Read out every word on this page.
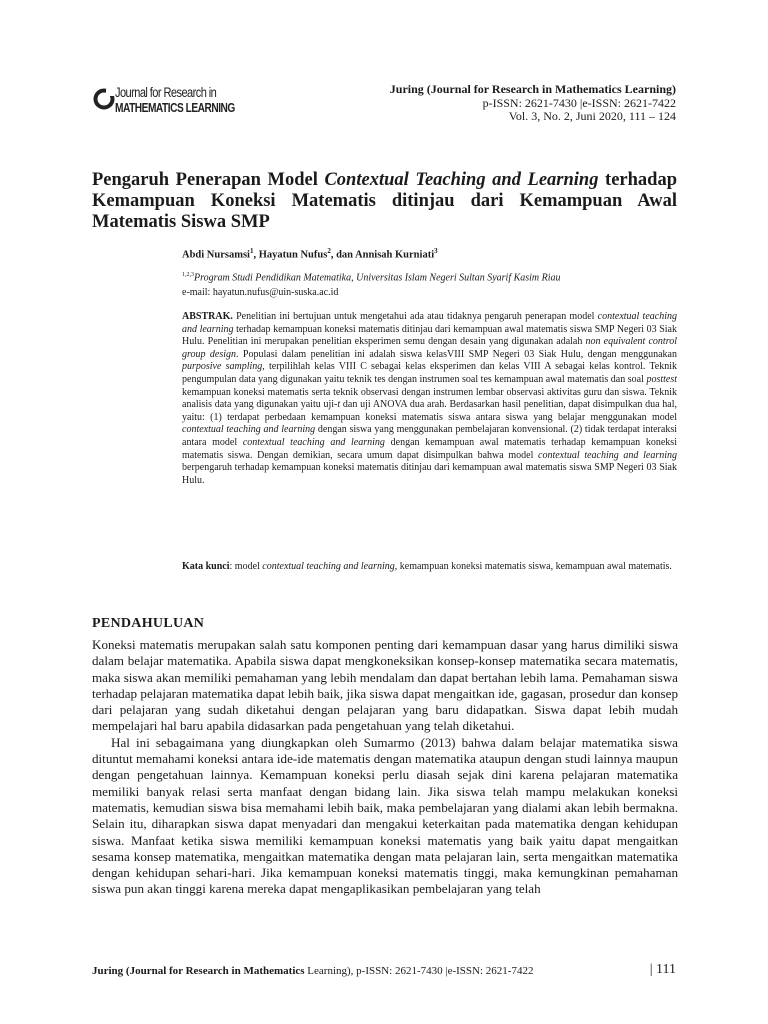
Journal for Research in
MATHEMATICS LEARNING
Juring (Journal for Research in Mathematics Learning)
p-ISSN: 2621-7430 |e-ISSN: 2621-7422
Vol. 3, No. 2, Juni 2020, 111 – 124
Pengaruh Penerapan Model Contextual Teaching and Learning terhadap Kemampuan Koneksi Matematis ditinjau dari Kemampuan Awal Matematis Siswa SMP
Abdi Nursamsi$^1$, Hayatun Nufus$^2$, dan Annisah Kurniati$^3$
$^{1,2,3}$Program Studi Pendidikan Matematika, Universitas Islam Negeri Sultan Syarif Kasim Riau
e-mail: hayatun.nufus@uin-suska.ac.id
ABSTRAK. Penelitian ini bertujuan untuk mengetahui ada atau tidaknya pengaruh penerapan model contextual teaching and learning terhadap kemampuan koneksi matematis ditinjau dari kemampuan awal matematis siswa SMP Negeri 03 Siak Hulu. Penelitian ini merupakan penelitian eksperimen semu dengan desain yang digunakan adalah non equivalent control group design. Populasi dalam penelitian ini adalah siswa kelasVIII SMP Negeri 03 Siak Hulu, dengan menggunakan purposive sampling, terpilihlah kelas VIII C sebagai kelas eksperimen dan kelas VIII A sebagai kelas kontrol. Teknik pengumpulan data yang digunakan yaitu teknik tes dengan instrumen soal tes kemampuan awal matematis dan soal posttest kemampuan koneksi matematis serta teknik observasi dengan instrumen lembar observasi aktivitas guru dan siswa. Teknik analisis data yang digunakan yaitu uji-t dan uji ANOVA dua arah. Berdasarkan hasil penelitian, dapat disimpulkan dua hal, yaitu: (1) terdapat perbedaan kemampuan koneksi matematis siswa antara siswa yang belajar menggunakan model contextual teaching and learning dengan siswa yang menggunakan pembelajaran konvensional. (2) tidak terdapat interaksi antara model contextual teaching and learning dengan kemampuan awal matematis terhadap kemampuan koneksi matematis siswa. Dengan demikian, secara umum dapat disimpulkan bahwa model contextual teaching and learning berpengaruh terhadap kemampuan koneksi matematis ditinjau dari kemampuan awal matematis siswa SMP Negeri 03 Siak Hulu.
Kata kunci: model contextual teaching and learning, kemampuan koneksi matematis siswa, kemampuan awal matematis.
PENDAHULUAN

Koneksi matematis merupakan salah satu komponen penting dari kemampuan dasar yang harus dimiliki siswa dalam belajar matematika. Apabila siswa dapat mengkoneksikan konsep-konsep matematika secara matematis, maka siswa akan memiliki pemahaman yang lebih mendalam dan dapat bertahan lebih lama. Pemahaman siswa terhadap pelajaran matematika dapat lebih baik, jika siswa dapat mengaitkan ide, gagasan, prosedur dan konsep dari pelajaran yang sudah diketahui dengan pelajaran yang baru didapatkan. Siswa dapat lebih mudah mempelajari hal baru apabila didasarkan pada pengetahuan yang telah diketahui.

Hal ini sebagaimana yang diungkapkan oleh Sumarmo (2013) bahwa dalam belajar matematika siswa dituntut memahami koneksi antara ide-ide matematis dengan matematika ataupun dengan studi lainnya maupun dengan pengetahuan lainnya. Kemampuan koneksi perlu diasah sejak dini karena pelajaran matematika memiliki banyak relasi serta manfaat dengan bidang lain. Jika siswa telah mampu melakukan koneksi matematis, kemudian siswa bisa memahami lebih baik, maka pembelajaran yang dialami akan lebih bermakna. Selain itu, diharapkan siswa dapat menyadari dan mengakui keterkaitan pada matematika dengan kehidupan siswa. Manfaat ketika siswa memiliki kemampuan koneksi matematis yang baik yaitu dapat mengaitkan sesama konsep matematika, mengaitkan matematika dengan mata pelajaran lain, serta mengaitkan matematika dengan kehidupan sehari-hari. Jika kemampuan koneksi matematis tinggi, maka kemungkinan pemahaman siswa pun akan tinggi karena mereka dapat mengaplikasikan pembelajaran yang telah

Juring (Journal for Research in Mathematics Learning), p-ISSN: 2621-7430 |e-ISSN: 2621-7422	| 111
